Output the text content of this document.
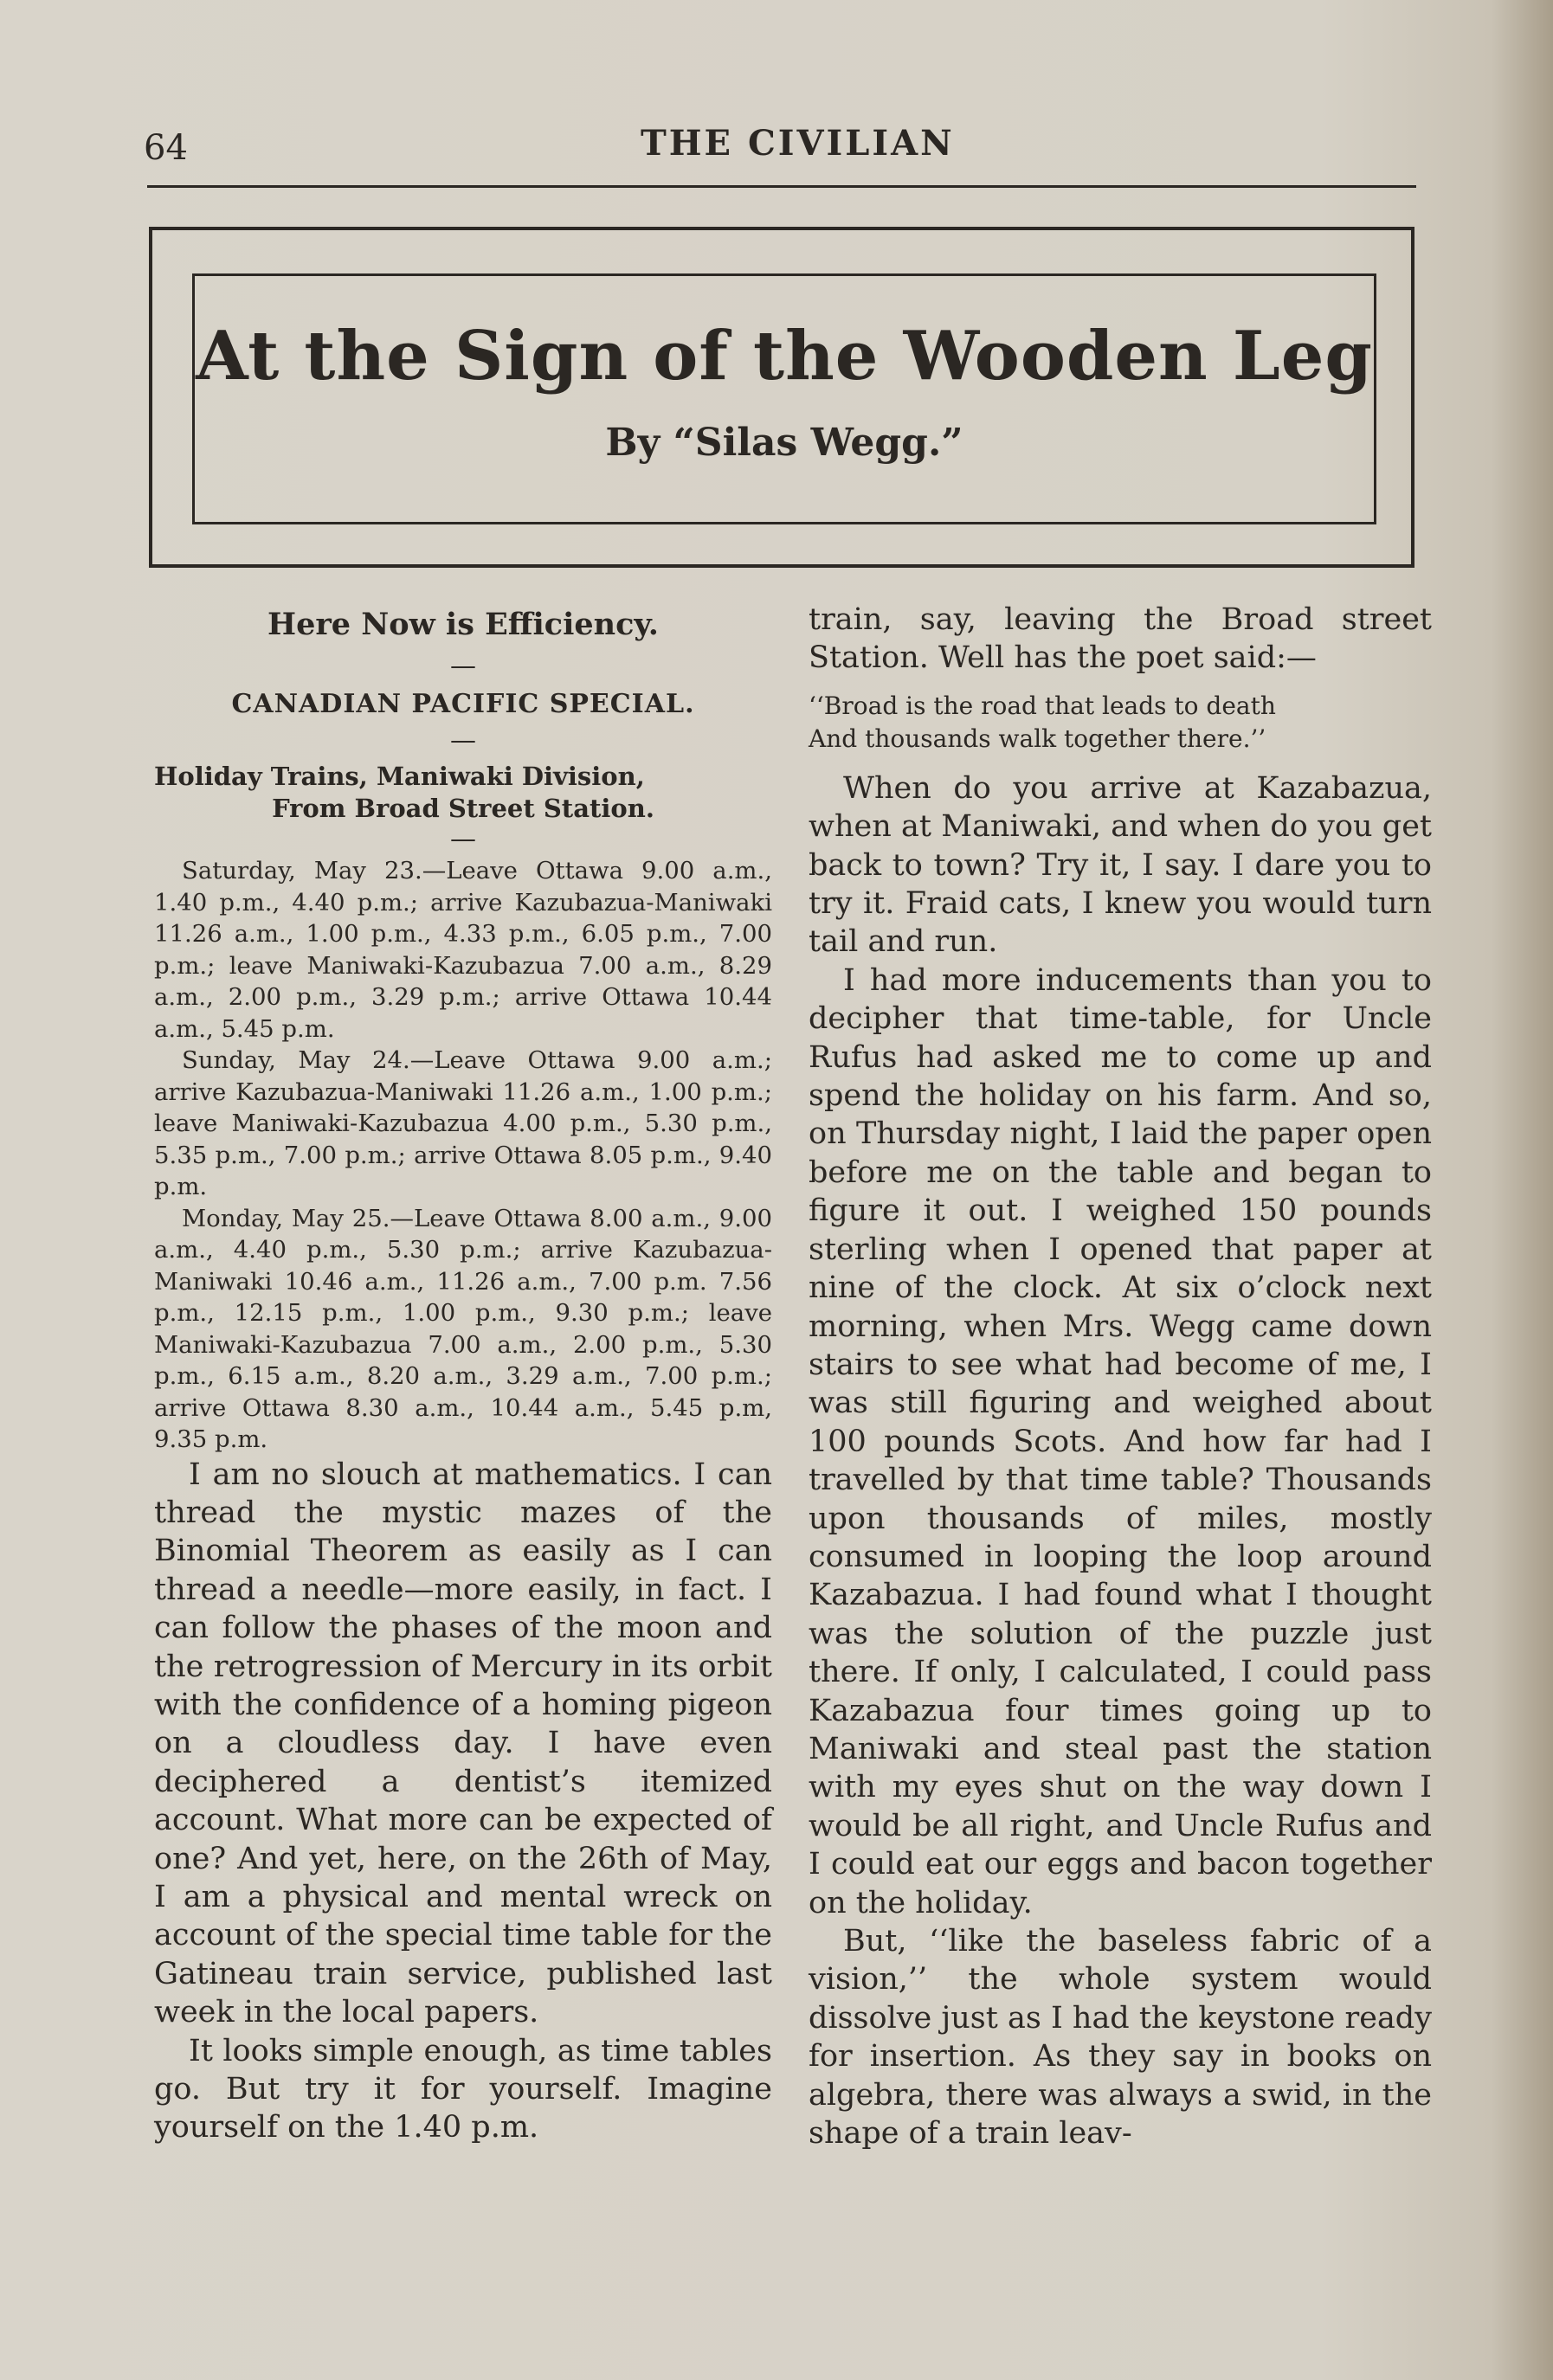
64	THE CIVILIAN
At the Sign of the Wooden Leg
By “Silas Wegg.”

Here Now is Efficiency.

—

CANADIAN PACIFIC SPECIAL.

—

Holiday Trains, Maniwaki Division,

From Broad Street Station.

—

Saturday, May 23.—Leave Ottawa 9.00 a.m., 1.40 p.m., 4.40 p.m.; arrive Kazubazua-Maniwaki 11.26 a.m., 1.00 p.m., 4.33 p.m., 6.05 p.m., 7.00 p.m.; leave Maniwaki-Kazubazua 7.00 a.m., 8.29 a.m., 2.00 p.m., 3.29 p.m.; arrive Ottawa 10.44 a.m., 5.45 p.m.

Sunday, May 24.—Leave Ottawa 9.00 a.m.; arrive Kazubazua-Maniwaki 11.26 a.m., 1.00 p.m.; leave Maniwaki-Kazubazua 4.00 p.m., 5.30 p.m., 5.35 p.m., 7.00 p.m.; arrive Ottawa 8.05 p.m., 9.40 p.m.

Monday, May 25.—Leave Ottawa 8.00 a.m., 9.00 a.m., 4.40 p.m., 5.30 p.m.; arrive Kazubazua-Maniwaki 10.46 a.m., 11.26 a.m., 7.00 p.m. 7.56 p.m., 12.15 p.m., 1.00 p.m., 9.30 p.m.; leave Maniwaki-Kazubazua 7.00 a.m., 2.00 p.m., 5.30 p.m., 6.15 a.m., 8.20 a.m., 3.29 a.m., 7.00 p.m.; arrive Ottawa 8.30 a.m., 10.44 a.m., 5.45 p.m, 9.35 p.m.

I am no slouch at mathematics. I can thread the mystic mazes of the Binomial Theorem as easily as I can thread a needle—more easily, in fact. I can follow the phases of the moon and the retrogression of Mercury in its orbit with the confidence of a homing pigeon on a cloudless day. I have even deciphered a dentist’s itemized account. What more can be expected of one? And yet, here, on the 26th of May, I am a physical and mental wreck on account of the special time table for the Gatineau train service, published last week in the local papers.

It looks simple enough, as time tables go. But try it for yourself. Imagine yourself on the 1.40 p.m.

train, say, leaving the Broad street Station. Well has the poet said:—

‘‘Broad is the road that leads to death
And thousands walk together there.’’

When do you arrive at Kazabazua, when at Maniwaki, and when do you get back to town? Try it, I say. I dare you to try it. Fraid cats, I knew you would turn tail and run.

I had more inducements than you to decipher that time-table, for Uncle Rufus had asked me to come up and spend the holiday on his farm. And so, on Thursday night, I laid the paper open before me on the table and began to figure it out. I weighed 150 pounds sterling when I opened that paper at nine of the clock. At six o’clock next morning, when Mrs. Wegg came down stairs to see what had become of me, I was still figuring and weighed about 100 pounds Scots. And how far had I travelled by that time table? Thousands upon thousands of miles, mostly consumed in looping the loop around Kazabazua. I had found what I thought was the solution of the puzzle just there. If only, I calculated, I could pass Kazabazua four times going up to Maniwaki and steal past the station with my eyes shut on the way down I would be all right, and Uncle Rufus and I could eat our eggs and bacon together on the holiday.

But, ‘‘like the baseless fabric of a vision,’’ the whole system would dissolve just as I had the keystone ready for insertion. As they say in books on algebra, there was always a swid, in the shape of a train leav-
